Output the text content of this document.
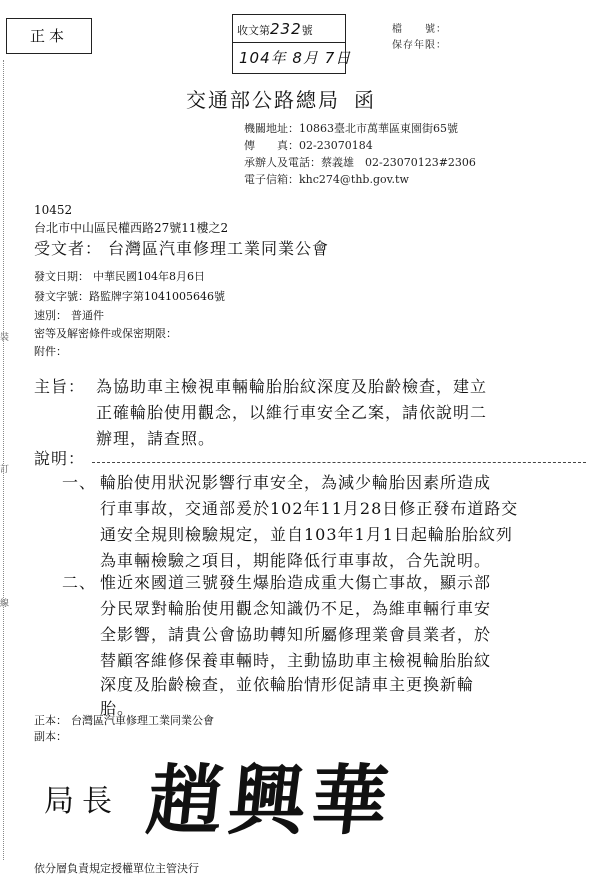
正本	收文第232號
104年 8月 7日
檔　　號：
保存年限：
交通部公路總局 函
機關地址：10863臺北市萬華區東園街65號
傳　　真：02-23070184
承辦人及電話：蔡義雄　02-23070123#2306
電子信箱：khc274@thb.gov.tw
10452
台北市中山區民權西路27號11樓之2
受文者： 台灣區汽車修理工業同業公會
發文日期： 中華民國104年8月6日
發文字號：路監牌字第1041005646號
速別： 普通件
密等及解密條件或保密期限：
附件：
主旨： 為協助車主檢視車輛輪胎胎紋深度及胎齡檢查，建立
正確輪胎使用觀念，以維行車安全乙案，請依說明二
辦理，請查照。
說明：
一、 輪胎使用狀況影響行車安全，為減少輪胎因素所造成
行車事故，交通部爰於102年11月28日修正發布道路交
通安全規則檢驗規定，並自103年1月1日起輪胎胎紋列
為車輛檢驗之項目，期能降低行車事故，合先說明。
二、 惟近來國道三號發生爆胎造成重大傷亡事故，顯示部
分民眾對輪胎使用觀念知識仍不足，為維車輛行車安
全影響，請貴公會協助轉知所屬修理業會員業者，於
替顧客維修保養車輛時，主動協助車主檢視輪胎胎紋
深度及胎齡檢查，並依輪胎情形促請車主更換新輪
胎。
正本： 台灣區汽車修理工業同業公會
副本：
局長 趙興華
依分層負責規定授權單位主管決行
裝
訂
線
